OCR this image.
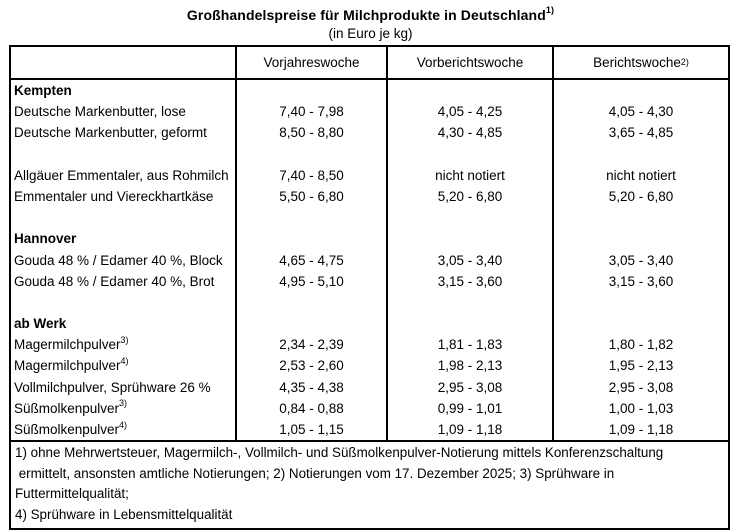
Großhandelspreise für Milchprodukte in Deutschland$^{1)}$
(in Euro je kg)
Vorjahreswoche	Vorberichtswoche	Berichtswoche$^{2)}$
Kempten
Deutsche Markenbutter, lose	7,40 - 7,98	4,05 - 4,25	4,05 - 4,30
Deutsche Markenbutter, geformt	8,50 - 8,80	4,30 - 4,85	3,65 - 4,85
Allgäuer Emmentaler, aus Rohmilch	7,40 - 8,50	nicht notiert	nicht notiert
Emmentaler und Viereckhartkäse	5,50 - 6,80	5,20 - 6,80	5,20 - 6,80
Hannover
Gouda 48 % / Edamer 40 %, Block	4,65 - 4,75	3,05 - 3,40	3,05 - 3,40
Gouda 48 % / Edamer 40 %, Brot	4,95 - 5,10	3,15 - 3,60	3,15 - 3,60
ab Werk
Magermilchpulver$^{3)}$	2,34 - 2,39	1,81 - 1,83	1,80 - 1,82
Magermilchpulver$^{4)}$	2,53 - 2,60	1,98 - 2,13	1,95 - 2,13
Vollmilchpulver, Sprühware 26 %	4,35 - 4,38	2,95 - 3,08	2,95 - 3,08
Süßmolkenpulver$^{3)}$	0,84 - 0,88	0,99 - 1,01	1,00 - 1,03
Süßmolkenpulver$^{4)}$	1,05 - 1,15	1,09 - 1,18	1,09 - 1,18
1) ohne Mehrwertsteuer, Magermilch-, Vollmilch- und Süßmolkenpulver-Notierung mittels Konferenzschaltung
ermittelt, ansonsten amtliche Notierungen; 2) Notierungen vom 17. Dezember 2025; 3) Sprühware in Futtermittelqualität;
4) Sprühware in Lebensmittelqualität
